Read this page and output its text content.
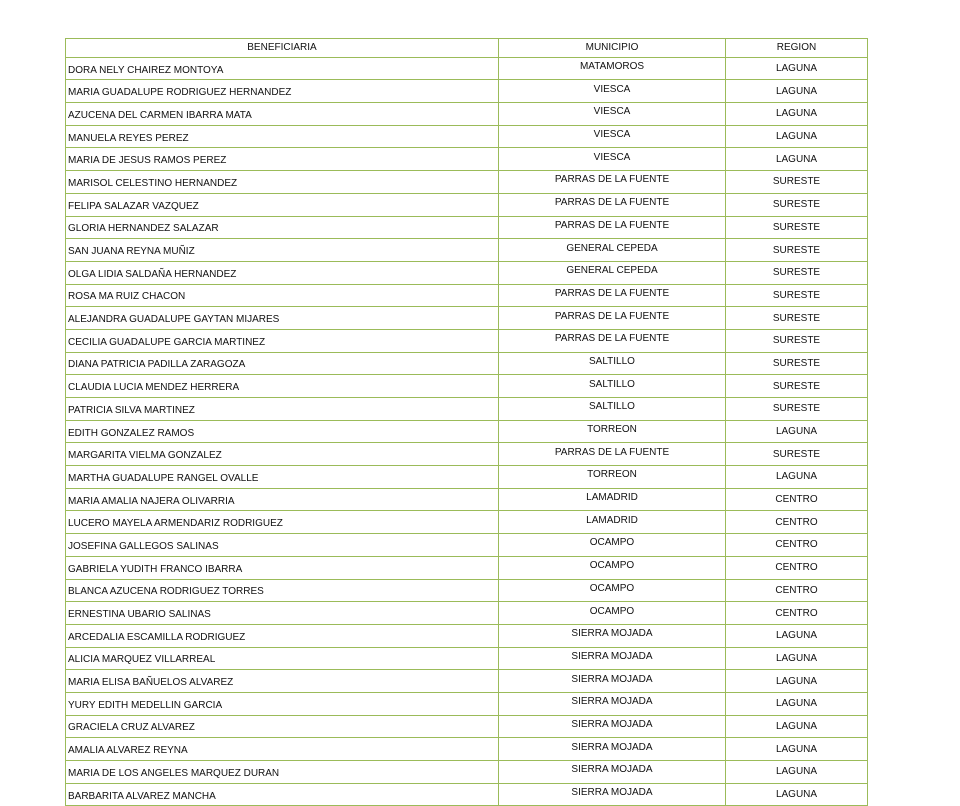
BENEFICIARIA	MUNICIPIO	REGION
DORA NELY CHAIREZ MONTOYA	MATAMOROS	LAGUNA
MARIA GUADALUPE RODRIGUEZ HERNANDEZ	VIESCA	LAGUNA
AZUCENA DEL CARMEN IBARRA MATA	VIESCA	LAGUNA
MANUELA REYES PEREZ	VIESCA	LAGUNA
MARIA DE JESUS RAMOS PEREZ	VIESCA	LAGUNA
MARISOL CELESTINO HERNANDEZ	PARRAS DE LA FUENTE	SURESTE
FELIPA SALAZAR VAZQUEZ	PARRAS DE LA FUENTE	SURESTE
GLORIA HERNANDEZ SALAZAR	PARRAS DE LA FUENTE	SURESTE
SAN JUANA REYNA MUÑIZ	GENERAL CEPEDA	SURESTE
OLGA LIDIA SALDAÑA HERNANDEZ	GENERAL CEPEDA	SURESTE
ROSA MA RUIZ CHACON	PARRAS DE LA FUENTE	SURESTE
ALEJANDRA GUADALUPE GAYTAN MIJARES	PARRAS DE LA FUENTE	SURESTE
CECILIA GUADALUPE GARCIA MARTINEZ	PARRAS DE LA FUENTE	SURESTE
DIANA PATRICIA PADILLA ZARAGOZA	SALTILLO	SURESTE
CLAUDIA LUCIA MENDEZ HERRERA	SALTILLO	SURESTE
PATRICIA SILVA MARTINEZ	SALTILLO	SURESTE
EDITH GONZALEZ RAMOS	TORREON	LAGUNA
MARGARITA VIELMA GONZALEZ	PARRAS DE LA FUENTE	SURESTE
MARTHA GUADALUPE RANGEL OVALLE	TORREON	LAGUNA
MARIA AMALIA NAJERA OLIVARRIA	LAMADRID	CENTRO
LUCERO MAYELA ARMENDARIZ RODRIGUEZ	LAMADRID	CENTRO
JOSEFINA GALLEGOS SALINAS	OCAMPO	CENTRO
GABRIELA YUDITH FRANCO IBARRA	OCAMPO	CENTRO
BLANCA AZUCENA RODRIGUEZ TORRES	OCAMPO	CENTRO
ERNESTINA UBARIO SALINAS	OCAMPO	CENTRO
ARCEDALIA ESCAMILLA RODRIGUEZ	SIERRA MOJADA	LAGUNA
ALICIA MARQUEZ VILLARREAL	SIERRA MOJADA	LAGUNA
MARIA ELISA BAÑUELOS ALVAREZ	SIERRA MOJADA	LAGUNA
YURY EDITH MEDELLIN GARCIA	SIERRA MOJADA	LAGUNA
GRACIELA CRUZ ALVAREZ	SIERRA MOJADA	LAGUNA
AMALIA ALVAREZ REYNA	SIERRA MOJADA	LAGUNA
MARIA DE LOS ANGELES MARQUEZ DURAN	SIERRA MOJADA	LAGUNA
BARBARITA ALVAREZ MANCHA	SIERRA MOJADA	LAGUNA
